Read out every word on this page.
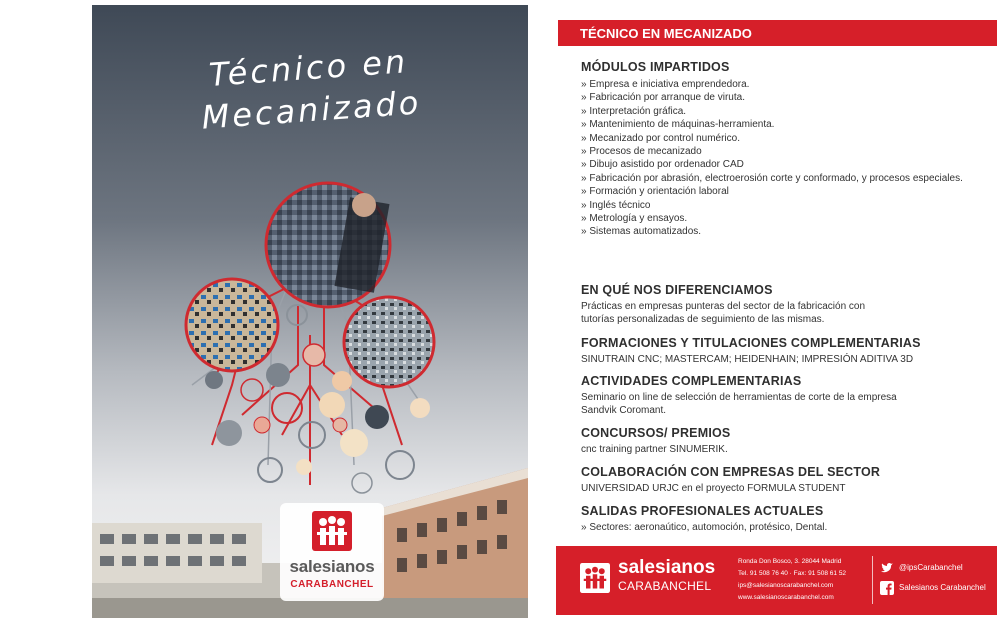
Técnico en
Mecanizado
salesianos
CARABANCHEL
TÉCNICO EN MECANIZADO
MÓDULOS IMPARTIDOS
» Empresa e iniciativa emprendedora.
» Fabricación por arranque de viruta.
» Interpretación gráfica.
» Mantenimiento de máquinas-herramienta.
» Mecanizado por control numérico.
» Procesos de mecanizado
» Dibujo asistido por ordenador CAD
» Fabricación por abrasión, electroerosión corte y conformado, y procesos especiales.
» Formación y orientación laboral
» Inglés técnico
» Metrología y ensayos.
» Sistemas automatizados.
EN QUÉ NOS DIFERENCIAMOS
Prácticas en empresas punteras del sector de la fabricación con
tutorías personalizadas de seguimiento de las mismas.
FORMACIONES Y TITULACIONES COMPLEMENTARIAS
SINUTRAIN CNC; MASTERCAM; HEIDENHAIN; IMPRESIÓN ADITIVA 3D
ACTIVIDADES COMPLEMENTARIAS
Seminario on line de selección de herramientas de corte de la empresa
Sandvik Coromant.
CONCURSOS/ PREMIOS
cnc training partner SINUMERIK.
COLABORACIÓN CON EMPRESAS DEL SECTOR
UNIVERSIDAD URJC en el proyecto FORMULA STUDENT
SALIDAS PROFESIONALES ACTUALES
» Sectores: aeronaútico, automoción, protésico, Dental.
salesianos
CARABANCHEL
Ronda Don Bosco, 3. 28044 Madrid
Tel. 91 508 76 40 · Fax: 91 508 61 52
ips@salesianoscarabanchel.com
www.salesianoscarabanchel.com
@ipsCarabanchel
Salesianos Carabanchel
